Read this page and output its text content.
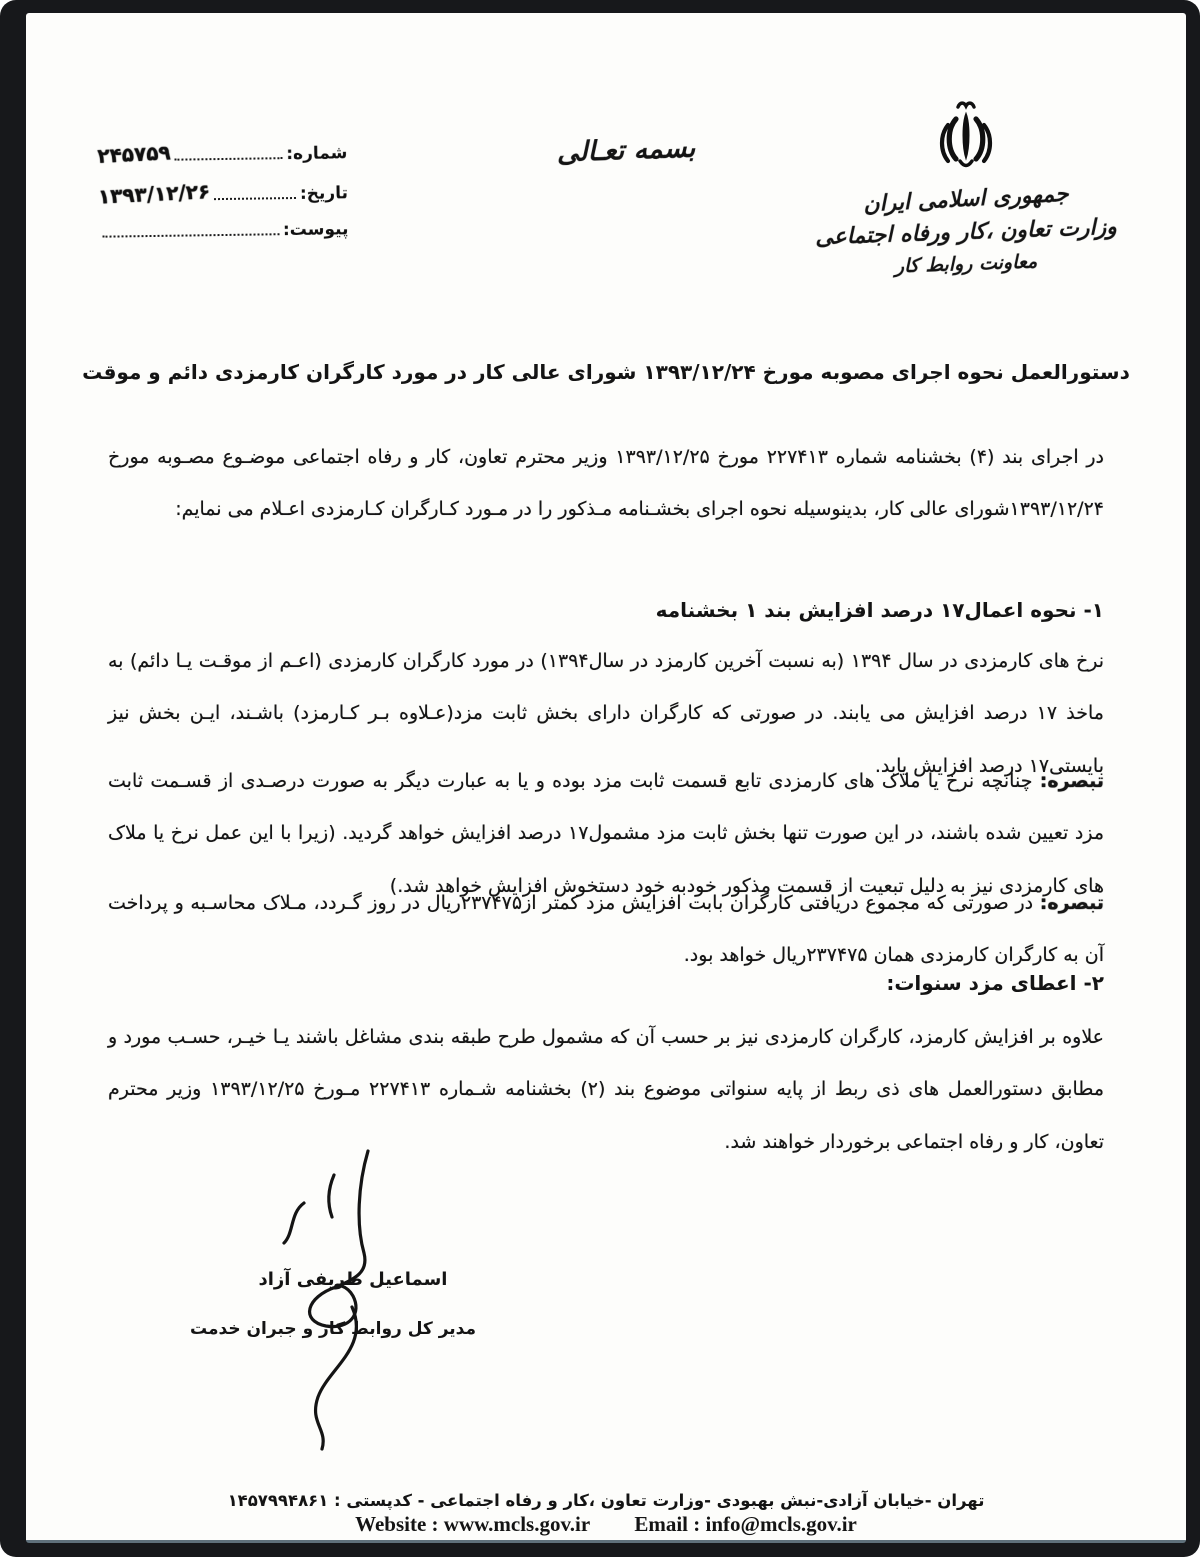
شماره:
۲۴۵۷۵۹
تاریخ:
۱۳۹۳/۱۲/۲۶
پیوست:
بسمه تعـالی
جمهوری اسلامی ایران
وزارت تعاون ،کار ورفاه اجتماعی
معاونت روابط کار
دستورالعمل نحوه اجرای مصوبه مورخ ۱۳۹۳/۱۲/۲۴ شورای عالی کار در مورد کارگران کارمزدی دائم و موقت

در اجرای بند (۴) بخشنامه شماره ۲۲۷۴۱۳ مورخ ۱۳۹۳/۱۲/۲۵ وزیر محترم تعاون، کار و رفاه اجتماعی موضـوع مصـوبه مورخ ۱۳۹۳/۱۲/۲۴شورای عالی کار، بدینوسیله نحوه اجرای بخشـنامه مـذکور را در مـورد کـارگران کـارمزدی اعـلام می نمایم:

۱- نحوه اعمال۱۷ درصد افزایش بند ۱ بخشنامه

نرخ های کارمزدی در سال ۱۳۹۴ (به نسبت آخرین کارمزد در سال۱۳۹۴) در مورد کارگران کارمزدی (اعـم از موقـت یـا دائم) به ماخذ ۱۷ درصد افزایش می یابند. در صورتی که کارگران دارای بخش ثابت مزد(عـلاوه بـر کـارمزد) باشـند، ایـن بخش نیز بایستی۱۷ درصد افزایش یابد.

تبصره: چنانچه نرخ یا ملاک های کارمزدی تابع قسمت ثابت مزد بوده و یا به عبارت دیگر به صورت درصـدی از قسـمت ثابت مزد تعیین شده باشند، در این صورت تنها بخش ثابت مزد مشمول۱۷ درصد افزایش خواهد گردید. (زیرا با این عمل نرخ یا ملاک های کارمزدی نیز به دلیل تبعیت از قسمت مذکور خودبه خود دستخوش افزایش خواهد شد.)

تبصره: در صورتی که مجموع دریافتی کارگران بابت افزایش مزد کمتر از۲۳۷۴۷۵ریال در روز گـردد، مـلاک محاسـبه و پرداخت آن به کارگران کارمزدی همان ۲۳۷۴۷۵ریال خواهد بود.

۲- اعطای مزد سنوات:

علاوه بر افزایش کارمزد، کارگران کارمزدی نیز بر حسب آن که مشمول طرح طبقه بندی مشاغل باشند یـا خیـر، حسـب مورد و مطابق دستورالعمل های ذی ربط از پایه سنواتی موضوع بند (۲) بخشنامه شـماره ۲۲۷۴۱۳ مـورخ ۱۳۹۳/۱۲/۲۵ وزیر محترم تعاون، کار و رفاه اجتماعی برخوردار خواهند شد.

اسماعیل ظریفی آزاد
مدیر کل روابط کار و جبران خدمت
تهران -خیابان آزادی-نبش بهبودی -وزارت تعاون ،کار و رفاه اجتماعی - کدپستی : ۱۴۵۷۹۹۴۸۶۱
Website : www.mcls.gov.ir Email : info@mcls.gov.ir
